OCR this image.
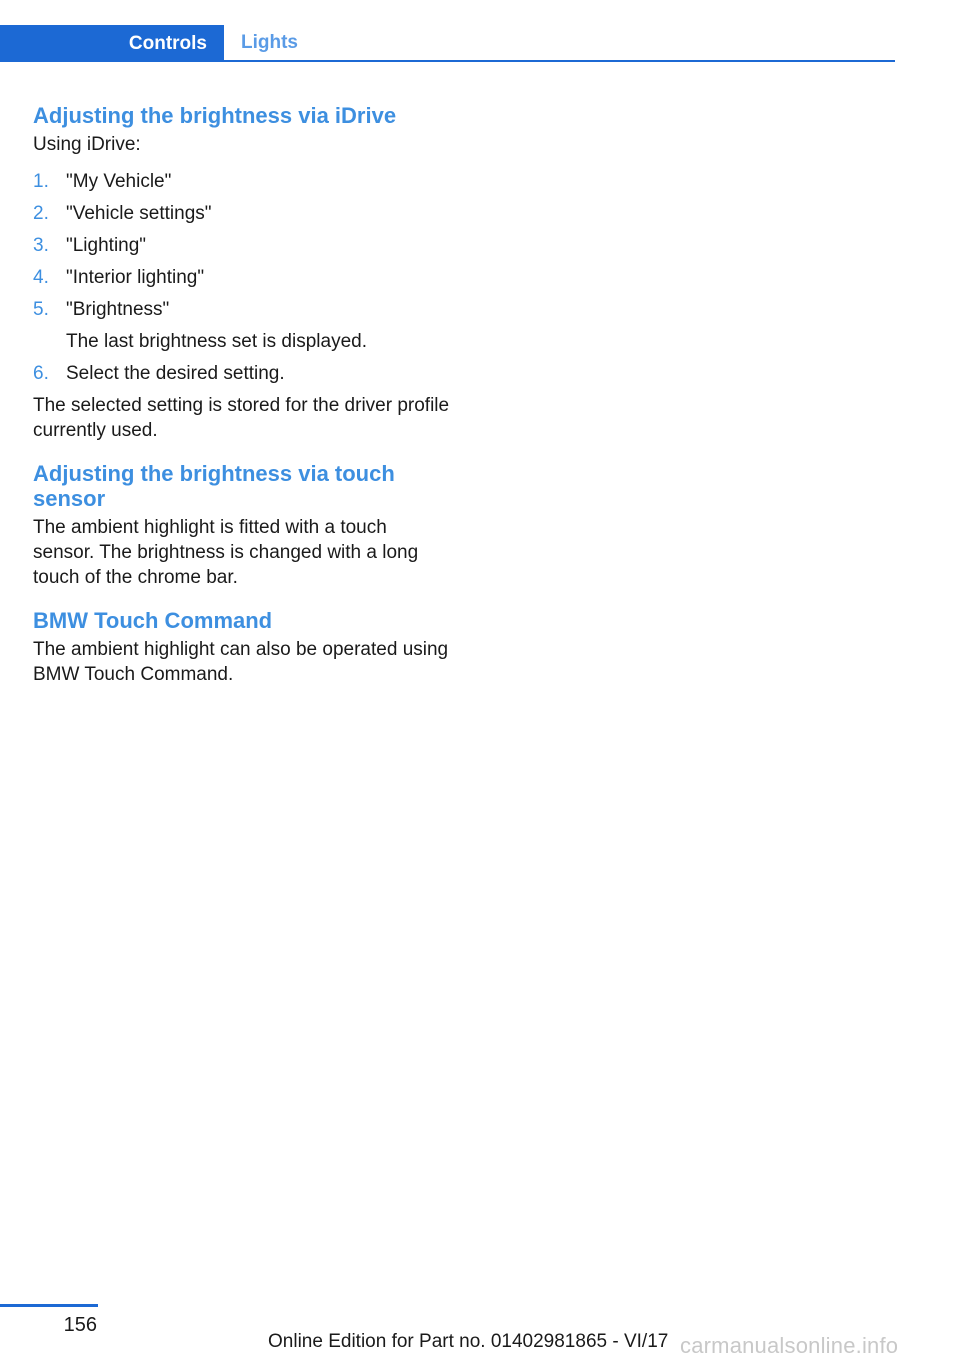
Controls	Lights
Adjusting the brightness via iDrive

Using iDrive:

1. "My Vehicle"
2. "Vehicle settings"
3. "Lighting"
4. "Interior lighting"
5. "Brightness"

The last brightness set is displayed.

6. Select the desired setting.

The selected setting is stored for the driver profile currently used.

Adjusting the brightness via touch sensor

The ambient highlight is fitted with a touch sensor. The brightness is changed with a long touch of the chrome bar.

BMW Touch Command

The ambient highlight can also be operated using BMW Touch Command.

156
Online Edition for Part no. 01402981865 - VI/17 carmanualsonline.info
